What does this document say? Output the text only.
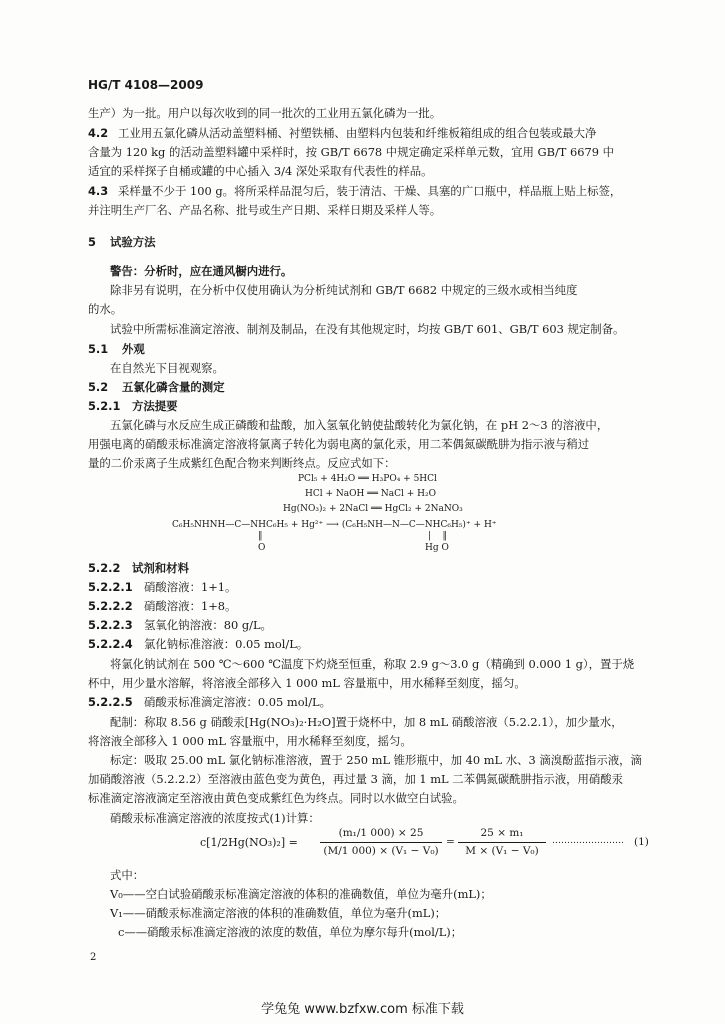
HG/T 4108—2009
生产）为一批。用户以每次收到的同一批次的工业用五氯化磷为一批。
4.2 工业用五氯化磷从活动盖塑料桶、衬塑铁桶、由塑料内包装和纤维板箱组成的组合包装或最大净
含量为 120 kg 的活动盖塑料罐中采样时，按 GB/T 6678 中规定确定采样单元数，宜用 GB/T 6679 中
适宜的采样探子自桶或罐的中心插入 3/4 深处采取有代表性的样品。
4.3 采样量不少于 100 g。将所采样品混匀后，装于清洁、干燥、具塞的广口瓶中，样品瓶上贴上标签，
并注明生产厂名、产品名称、批号或生产日期、采样日期及采样人等。
5 试验方法
警告：分析时，应在通风橱内进行。
除非另有说明，在分析中仅使用确认为分析纯试剂和 GB/T 6682 中规定的三级水或相当纯度
的水。
试验中所需标准滴定溶液、制剂及制品，在没有其他规定时，均按 GB/T 601、GB/T 603 规定制备。
5.1 外观
在自然光下目视观察。
5.2 五氯化磷含量的测定
5.2.1 方法提要
五氯化磷与水反应生成正磷酸和盐酸，加入氢氧化钠使盐酸转化为氯化钠，在 pH 2～3 的溶液中，
用强电离的硝酸汞标准滴定溶液将氯离子转化为弱电离的氯化汞，用二苯偶氮碳酰肼为指示液与稍过
量的二价汞离子生成紫红色配合物来判断终点。反应式如下：
PCl₅ + 4H₂O ══ H₃PO₄ + 5HCl
HCl + NaOH ══ NaCl + H₂O
Hg(NO₃)₂ + 2NaCl ══ HgCl₂ + 2NaNO₃
C₆H₅NHNH—C—NHC₆H₅ + Hg²⁺ ⟶ (C₆H₅NH—N—C—NHC₆H₅)⁺ + H⁺
‖
O
|    ‖
Hg O
5.2.2 试剂和材料
5.2.2.1 硝酸溶液：1+1。
5.2.2.2 硝酸溶液：1+8。
5.2.2.3 氢氧化钠溶液：80 g/L。
5.2.2.4 氯化钠标准溶液：0.05 mol/L。
将氯化钠试剂在 500 ℃～600 ℃温度下灼烧至恒重，称取 2.9 g～3.0 g（精确到 0.000 1 g），置于烧
杯中，用少量水溶解，将溶液全部移入 1 000 mL 容量瓶中，用水稀释至刻度，摇匀。
5.2.2.5 硝酸汞标准滴定溶液：0.05 mol/L。
配制：称取 8.56 g 硝酸汞[Hg(NO₃)₂·H₂O]置于烧杯中，加 8 mL 硝酸溶液（5.2.2.1），加少量水，
将溶液全部移入 1 000 mL 容量瓶中，用水稀释至刻度，摇匀。
标定：吸取 25.00 mL 氯化钠标准溶液，置于 250 mL 锥形瓶中，加 40 mL 水、3 滴溴酚蓝指示液，滴
加硝酸溶液（5.2.2.2）至溶液由蓝色变为黄色，再过量 3 滴，加 1 mL 二苯偶氮碳酰肼指示液，用硝酸汞
标准滴定溶液滴定至溶液由黄色变成紫红色为终点。同时以水做空白试验。
硝酸汞标准滴定溶液的浓度按式(1)计算：
c[1/2Hg(NO₃)₂] =
(m₁/1 000) × 25
(M/1 000) × (V₁ − V₀)
=
25 × m₁
M × (V₁ − V₀)
…………………… (1)
式中：
V₀——空白试验硝酸汞标准滴定溶液的体积的准确数值，单位为毫升(mL)；
V₁——硝酸汞标准滴定溶液的体积的准确数值，单位为毫升(mL)；
c——硝酸汞标准滴定溶液的浓度的数值，单位为摩尔每升(mol/L)；
2
学兔兔 www.bzfxw.com 标准下载
